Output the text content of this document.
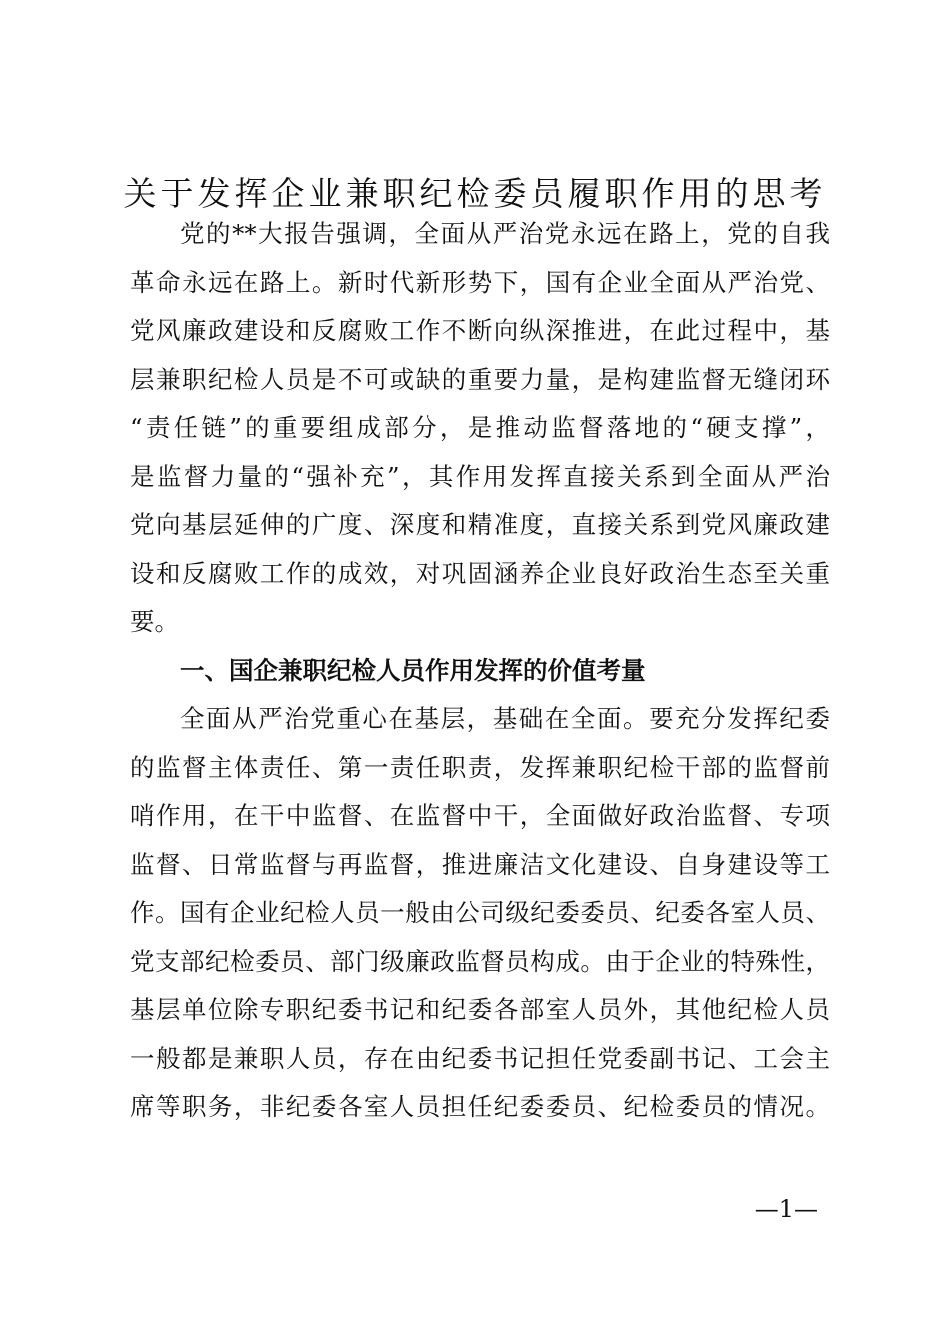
关于发挥企业兼职纪检委员履职作用的思考
党的**大报告强调，全面从严治党永远在路上，党的自我
革命永远在路上。新时代新形势下，国有企业全面从严治党、
党风廉政建设和反腐败工作不断向纵深推进，在此过程中，基
层兼职纪检人员是不可或缺的重要力量，是构建监督无缝闭环
“责任链”的重要组成部分，是推动监督落地的“硬支撑”，
是监督力量的“强补充”，其作用发挥直接关系到全面从严治
党向基层延伸的广度、深度和精准度，直接关系到党风廉政建
设和反腐败工作的成效，对巩固涵养企业良好政治生态至关重
要。
一、国企兼职纪检人员作用发挥的价值考量
全面从严治党重心在基层，基础在全面。要充分发挥纪委
的监督主体责任、第一责任职责，发挥兼职纪检干部的监督前
哨作用，在干中监督、在监督中干，全面做好政治监督、专项
监督、日常监督与再监督，推进廉洁文化建设、自身建设等工
作。国有企业纪检人员一般由公司级纪委委员、纪委各室人员、
党支部纪检委员、部门级廉政监督员构成。由于企业的特殊性，
基层单位除专职纪委书记和纪委各部室人员外，其他纪检人员
一般都是兼职人员，存在由纪委书记担任党委副书记、工会主
席等职务，非纪委各室人员担任纪委委员、纪检委员的情况。
—1—
